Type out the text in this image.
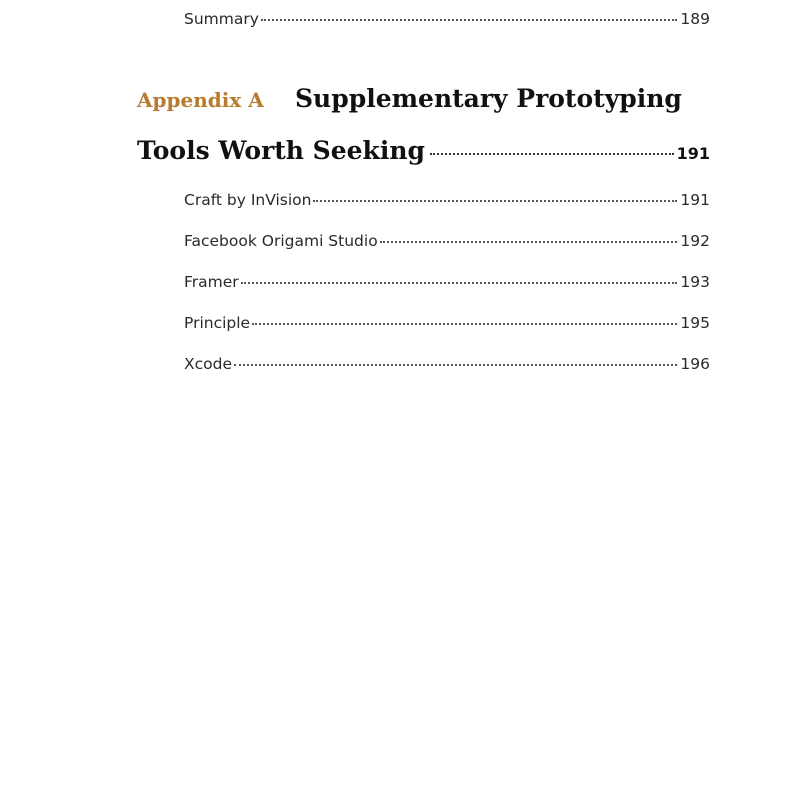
Summary	189
Appendix A	Supplementary Prototyping
Tools Worth Seeking	191
Craft by InVision	191
Facebook Origami Studio	192
Framer	193
Principle	195
Xcode	196
